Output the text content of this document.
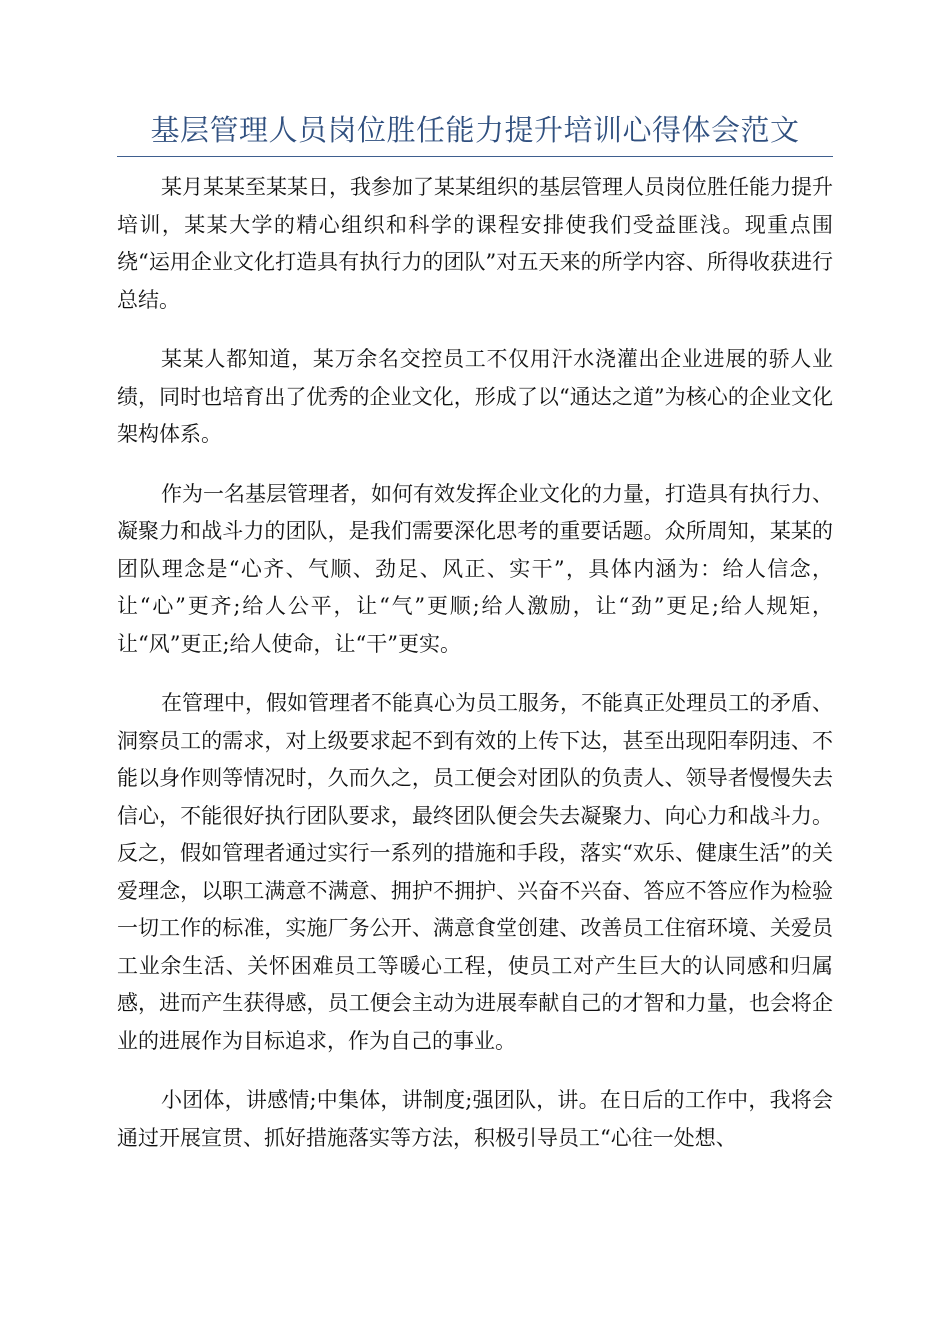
基层管理人员岗位胜任能力提升培训心得体会范文

某月某某至某某日，我参加了某某组织的基层管理人员岗位胜任能力提升培训，某某大学的精心组织和科学的课程安排使我们受益匪浅。现重点围绕“运用企业文化打造具有执行力的团队”对五天来的所学内容、所得收获进行总结。

某某人都知道，某万余名交控员工不仅用汗水浇灌出企业进展的骄人业绩，同时也培育出了优秀的企业文化，形成了以“通达之道”为核心的企业文化架构体系。

作为一名基层管理者，如何有效发挥企业文化的力量，打造具有执行力、凝聚力和战斗力的团队，是我们需要深化思考的重要话题。众所周知，某某的团队理念是“心齐、气顺、劲足、风正、实干”，具体内涵为：给人信念，让“心”更齐;给人公平，让“气”更顺;给人激励，让“劲”更足;给人规矩，让“风”更正;给人使命，让“干”更实。

在管理中，假如管理者不能真心为员工服务，不能真正处理员工的矛盾、洞察员工的需求，对上级要求起不到有效的上传下达，甚至出现阳奉阴违、不能以身作则等情况时，久而久之，员工便会对团队的负责人、领导者慢慢失去信心，不能很好执行团队要求，最终团队便会失去凝聚力、向心力和战斗力。反之，假如管理者通过实行一系列的措施和手段，落实“欢乐、健康生活”的关爱理念，以职工满意不满意、拥护不拥护、兴奋不兴奋、答应不答应作为检验一切工作的标准，实施厂务公开、满意食堂创建、改善员工住宿环境、关爱员工业余生活、关怀困难员工等暖心工程，使员工对产生巨大的认同感和归属感，进而产生获得感，员工便会主动为进展奉献自己的才智和力量，也会将企业的进展作为目标追求，作为自己的事业。

小团体，讲感情;中集体，讲制度;强团队，讲。在日后的工作中，我将会通过开展宣贯、抓好措施落实等方法，积极引导员工“心往一处想、
